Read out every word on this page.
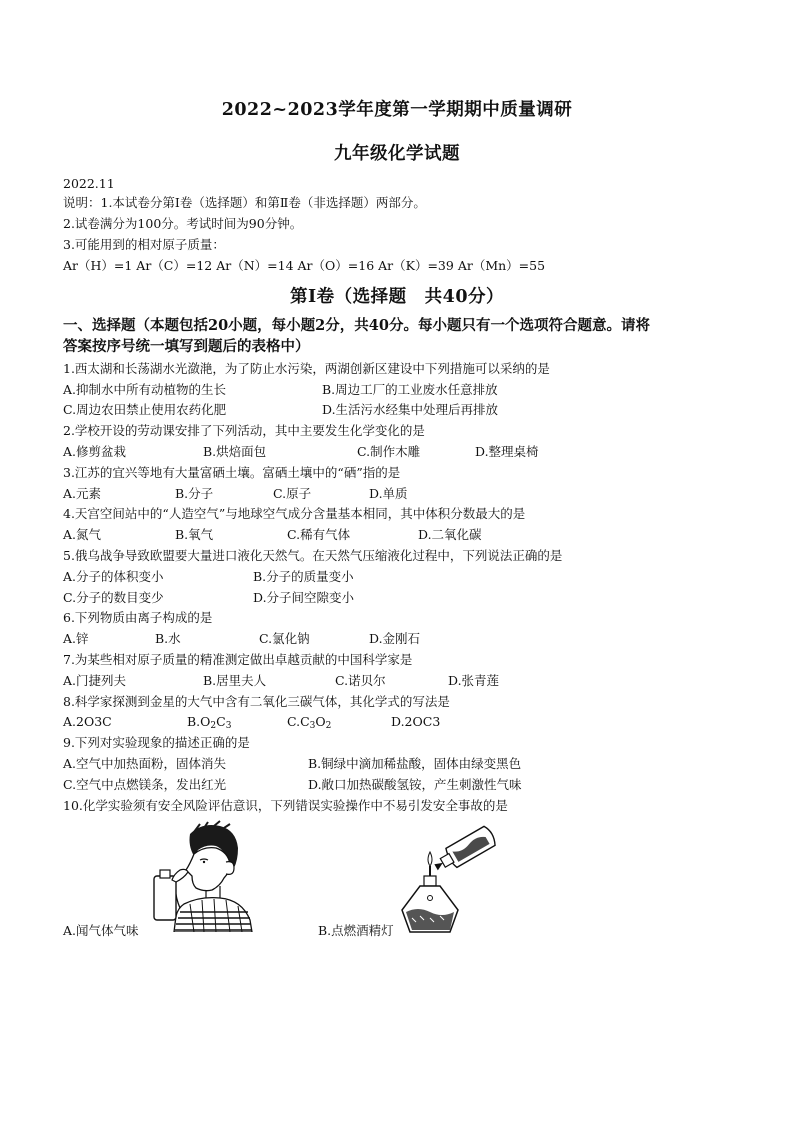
2022~2023学年度第一学期期中质量调研
九年级化学试题
2022.11
说明：1.本试卷分第Ⅰ卷（选择题）和第Ⅱ卷（非选择题）两部分。
2.试卷满分为100分。考试时间为90分钟。
3.可能用到的相对原子质量：
Ar（H）=1 Ar（C）=12 Ar（N）=14 Ar（O）=16 Ar（K）=39 Ar（Mn）=55
第Ⅰ卷（选择题　共40分）
一、选择题（本题包括20小题，每小题2分，共40分。每小题只有一个选项符合题意。请将
答案按序号统一填写到题后的表格中）
1.西太湖和长荡湖水光潋滟，为了防止水污染，两湖创新区建设中下列措施可以采纳的是
A.抑制水中所有动植物的生长	B.周边工厂的工业废水任意排放
C.周边农田禁止使用农药化肥	D.生活污水经集中处理后再排放
2.学校开设的劳动课安排了下列活动，其中主要发生化学变化的是
A.修剪盆栽	B.烘焙面包	C.制作木雕	D.整理桌椅
3.江苏的宜兴等地有大量富硒土壤。富硒土壤中的“硒”指的是
A.元素	B.分子	C.原子	D.单质
4.天宫空间站中的“人造空气”与地球空气成分含量基本相同，其中体积分数最大的是
A.氮气	B.氧气	C.稀有气体	D.二氧化碳
5.俄乌战争导致欧盟要大量进口液化天然气。在天然气压缩液化过程中，下列说法正确的是
A.分子的体积变小	B.分子的质量变小
C.分子的数目变少	D.分子间空隙变小
6.下列物质由离子构成的是
A.锌	B.水	C.氯化钠	D.金刚石
7.为某些相对原子质量的精准测定做出卓越贡献的中国科学家是
A.门捷列夫	B.居里夫人	C.诺贝尔	D.张青莲
8.科学家探测到金星的大气中含有二氧化三碳气体，其化学式的写法是
A.2O3C	$B.O_2C_3$	$C.C_3O_2$	D.2OC3
9.下列对实验现象的描述正确的是
A.空气中加热面粉，固体消失	B.铜绿中滴加稀盐酸，固体由绿变黑色
C.空气中点燃镁条，发出红光	D.敞口加热碳酸氢铵，产生刺激性气味
10.化学实验须有安全风险评估意识，下列错误实验操作中不易引发安全事故的是
A.闻气体气味	B.点燃酒精灯
